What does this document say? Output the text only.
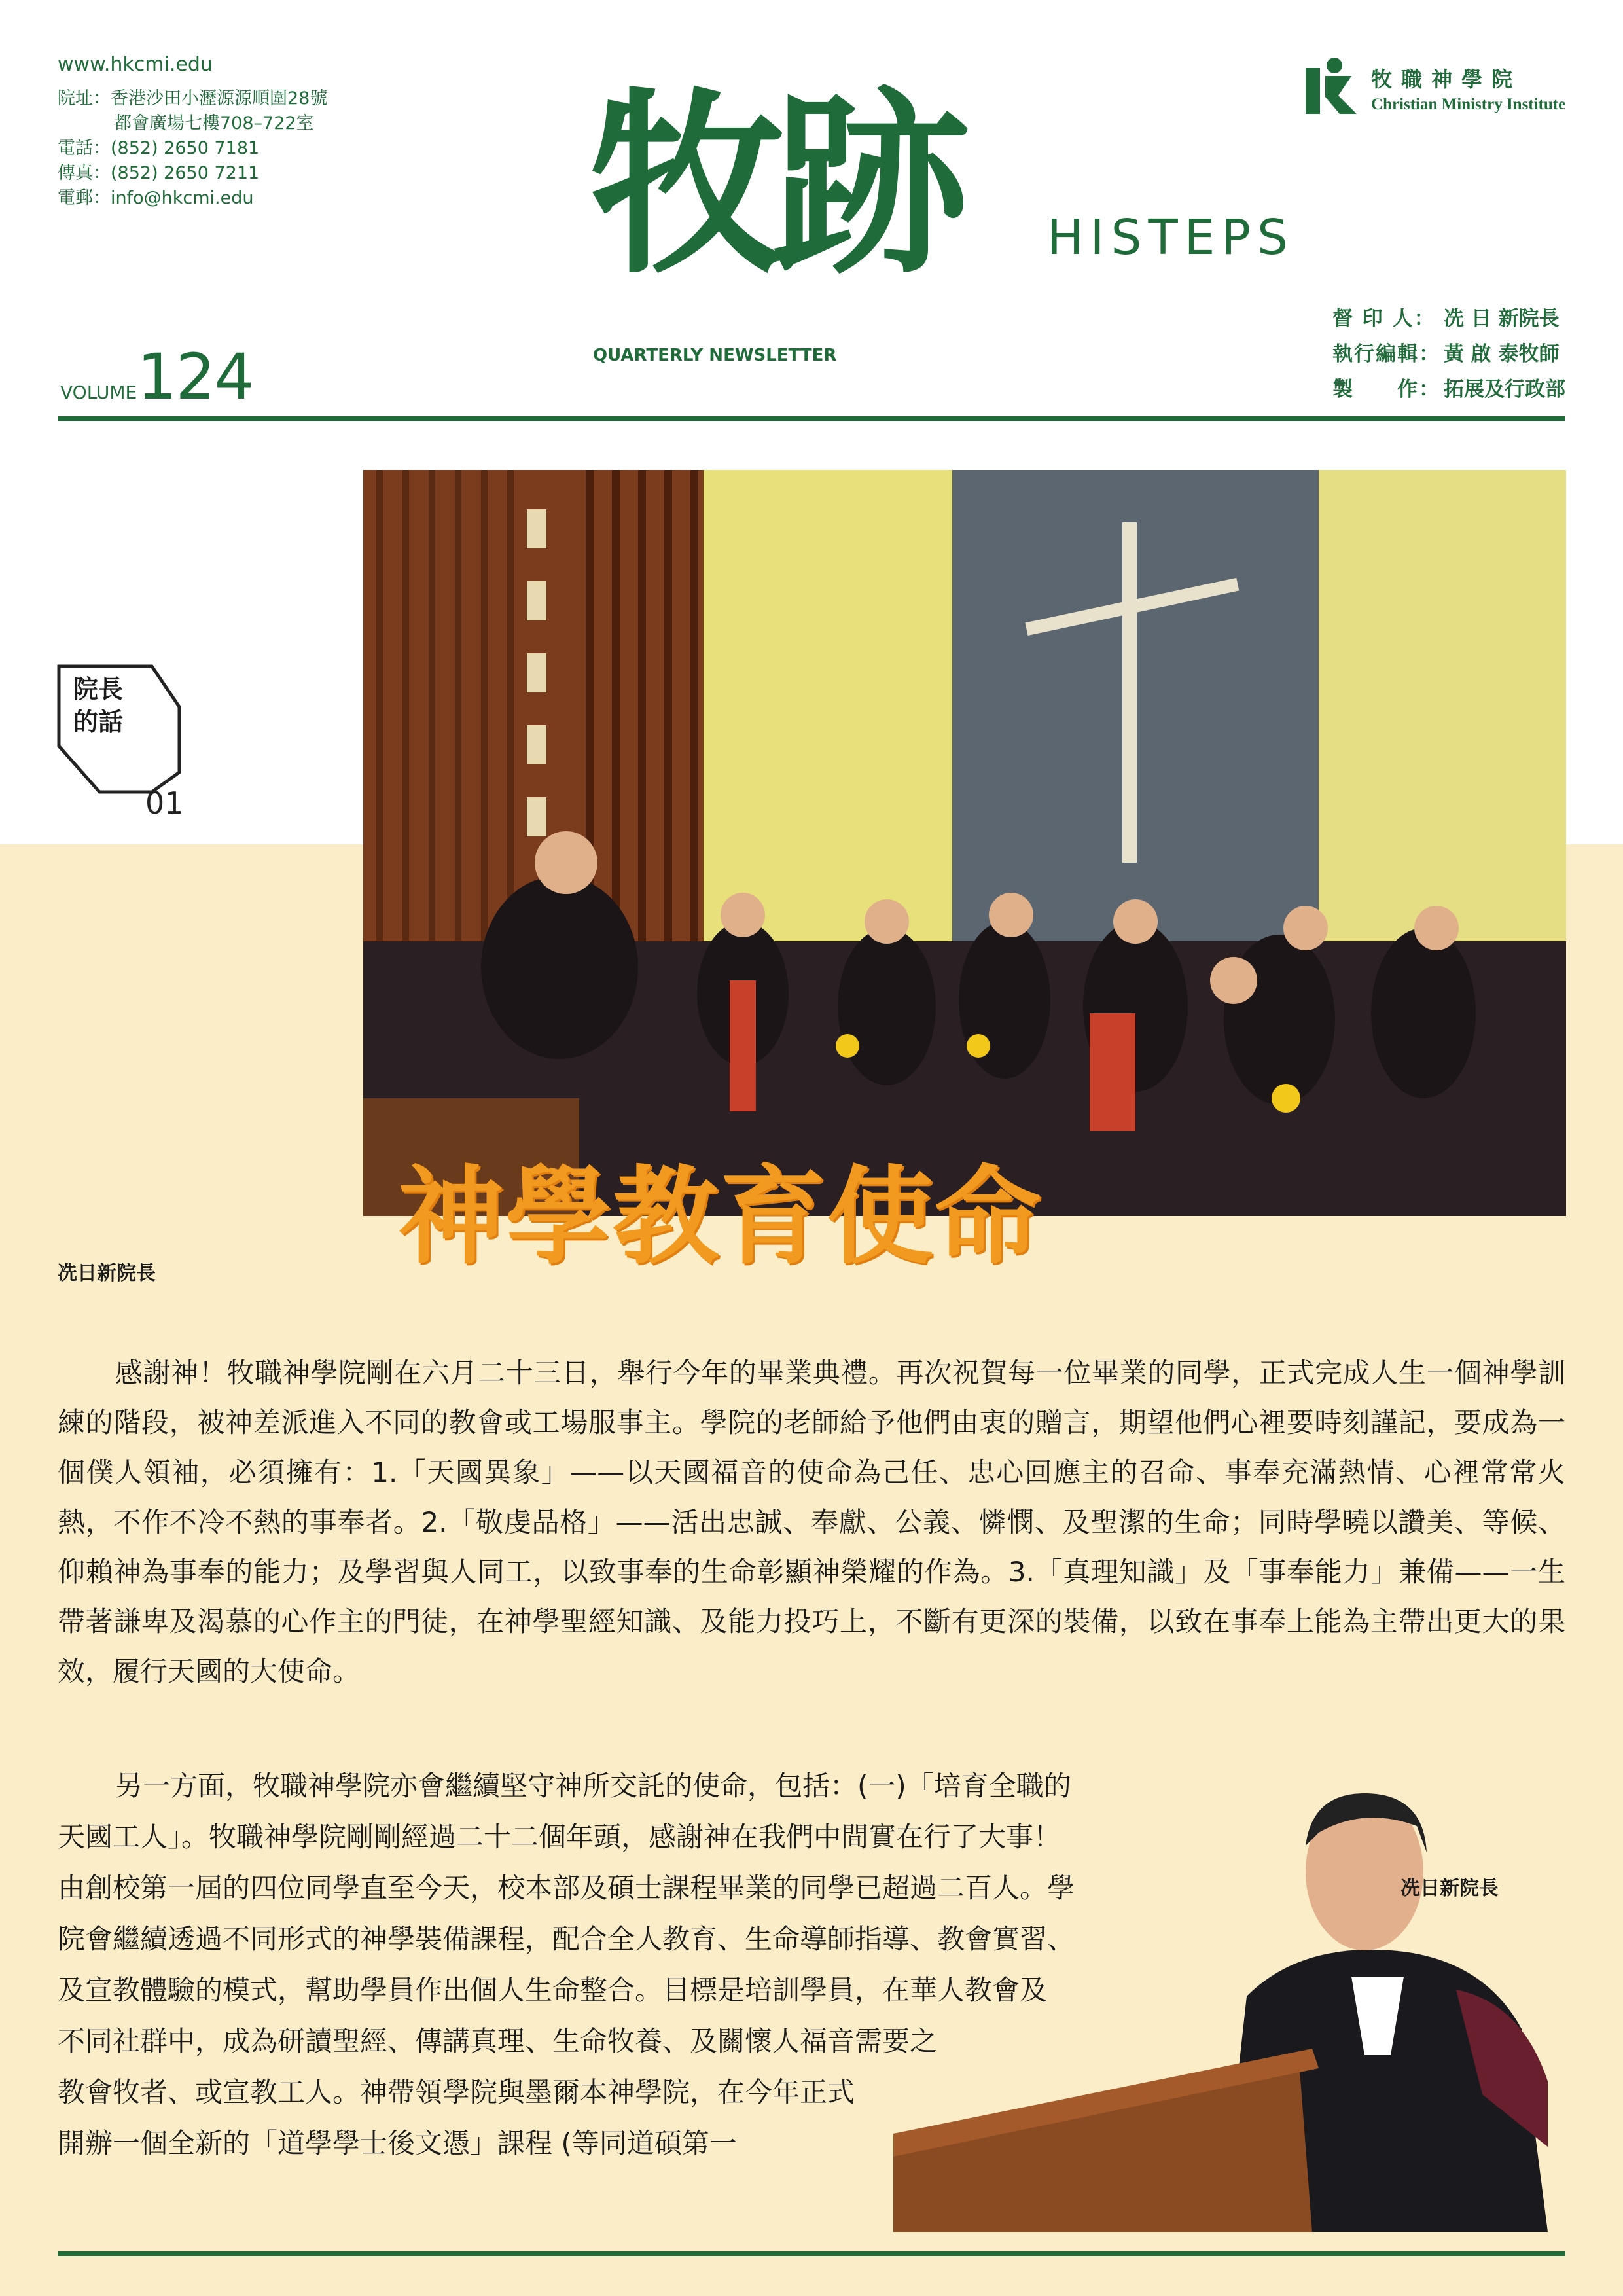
www.hkcmi.edu
院址：香港沙田小瀝源源順圍28號
都會廣場七樓708–722室
電話：(852) 2650 7181
傳真：(852) 2650 7211
電郵：info@hkcmi.edu	牧跡 HISTEPS
QUARTERLY NEWSLETTER
VOLUME124
牧職神學院
Christian Ministry Institute
督 印 人： 冼 日 新院長
執行編輯： 黃 啟 泰牧師
製　　作： 拓展及行政部
院長
的話
01
神學教育使命
冼日新院長

感謝神！牧職神學院剛在六月二十三日，舉行今年的畢業典禮。再次祝賀每一位畢業的同學，正式完成人生一個神學訓練的階段，被神差派進入不同的教會或工場服事主。學院的老師給予他們由衷的贈言，期望他們心裡要時刻謹記，要成為一個僕人領袖，必須擁有：1.「天國異象」——以天國福音的使命為己任、忠心回應主的召命、事奉充滿熱情、心裡常常火熱，不作不冷不熱的事奉者。2.「敬虔品格」——活出忠誠、奉獻、公義、憐憫、及聖潔的生命；同時學曉以讚美、等候、仰賴神為事奉的能力；及學習與人同工，以致事奉的生命彰顯神榮耀的作為。3.「真理知識」及「事奉能力」兼備——一生帶著謙卑及渴慕的心作主的門徒，在神學聖經知識、及能力投巧上，不斷有更深的裝備，以致在事奉上能為主帶出更大的果效，履行天國的大使命。

另一方面，牧職神學院亦會繼續堅守神所交託的使命，包括：(一)「培育全職的
天國工人」。牧職神學院剛剛經過二十二個年頭，感謝神在我們中間實在行了大事！
由創校第一屆的四位同學直至今天，校本部及碩士課程畢業的同學已超過二百人。學
院會繼續透過不同形式的神學裝備課程，配合全人教育、生命導師指導、教會實習、
及宣教體驗的模式，幫助學員作出個人生命整合。目標是培訓學員，在華人教會及
不同社群中，成為研讀聖經、傳講真理、生命牧養、及關懷人福音需要之
教會牧者、或宣教工人。神帶領學院與墨爾本神學院，在今年正式
開辦一個全新的「道學學士後文憑」課程 (等同道碩第一
冼日新院長
